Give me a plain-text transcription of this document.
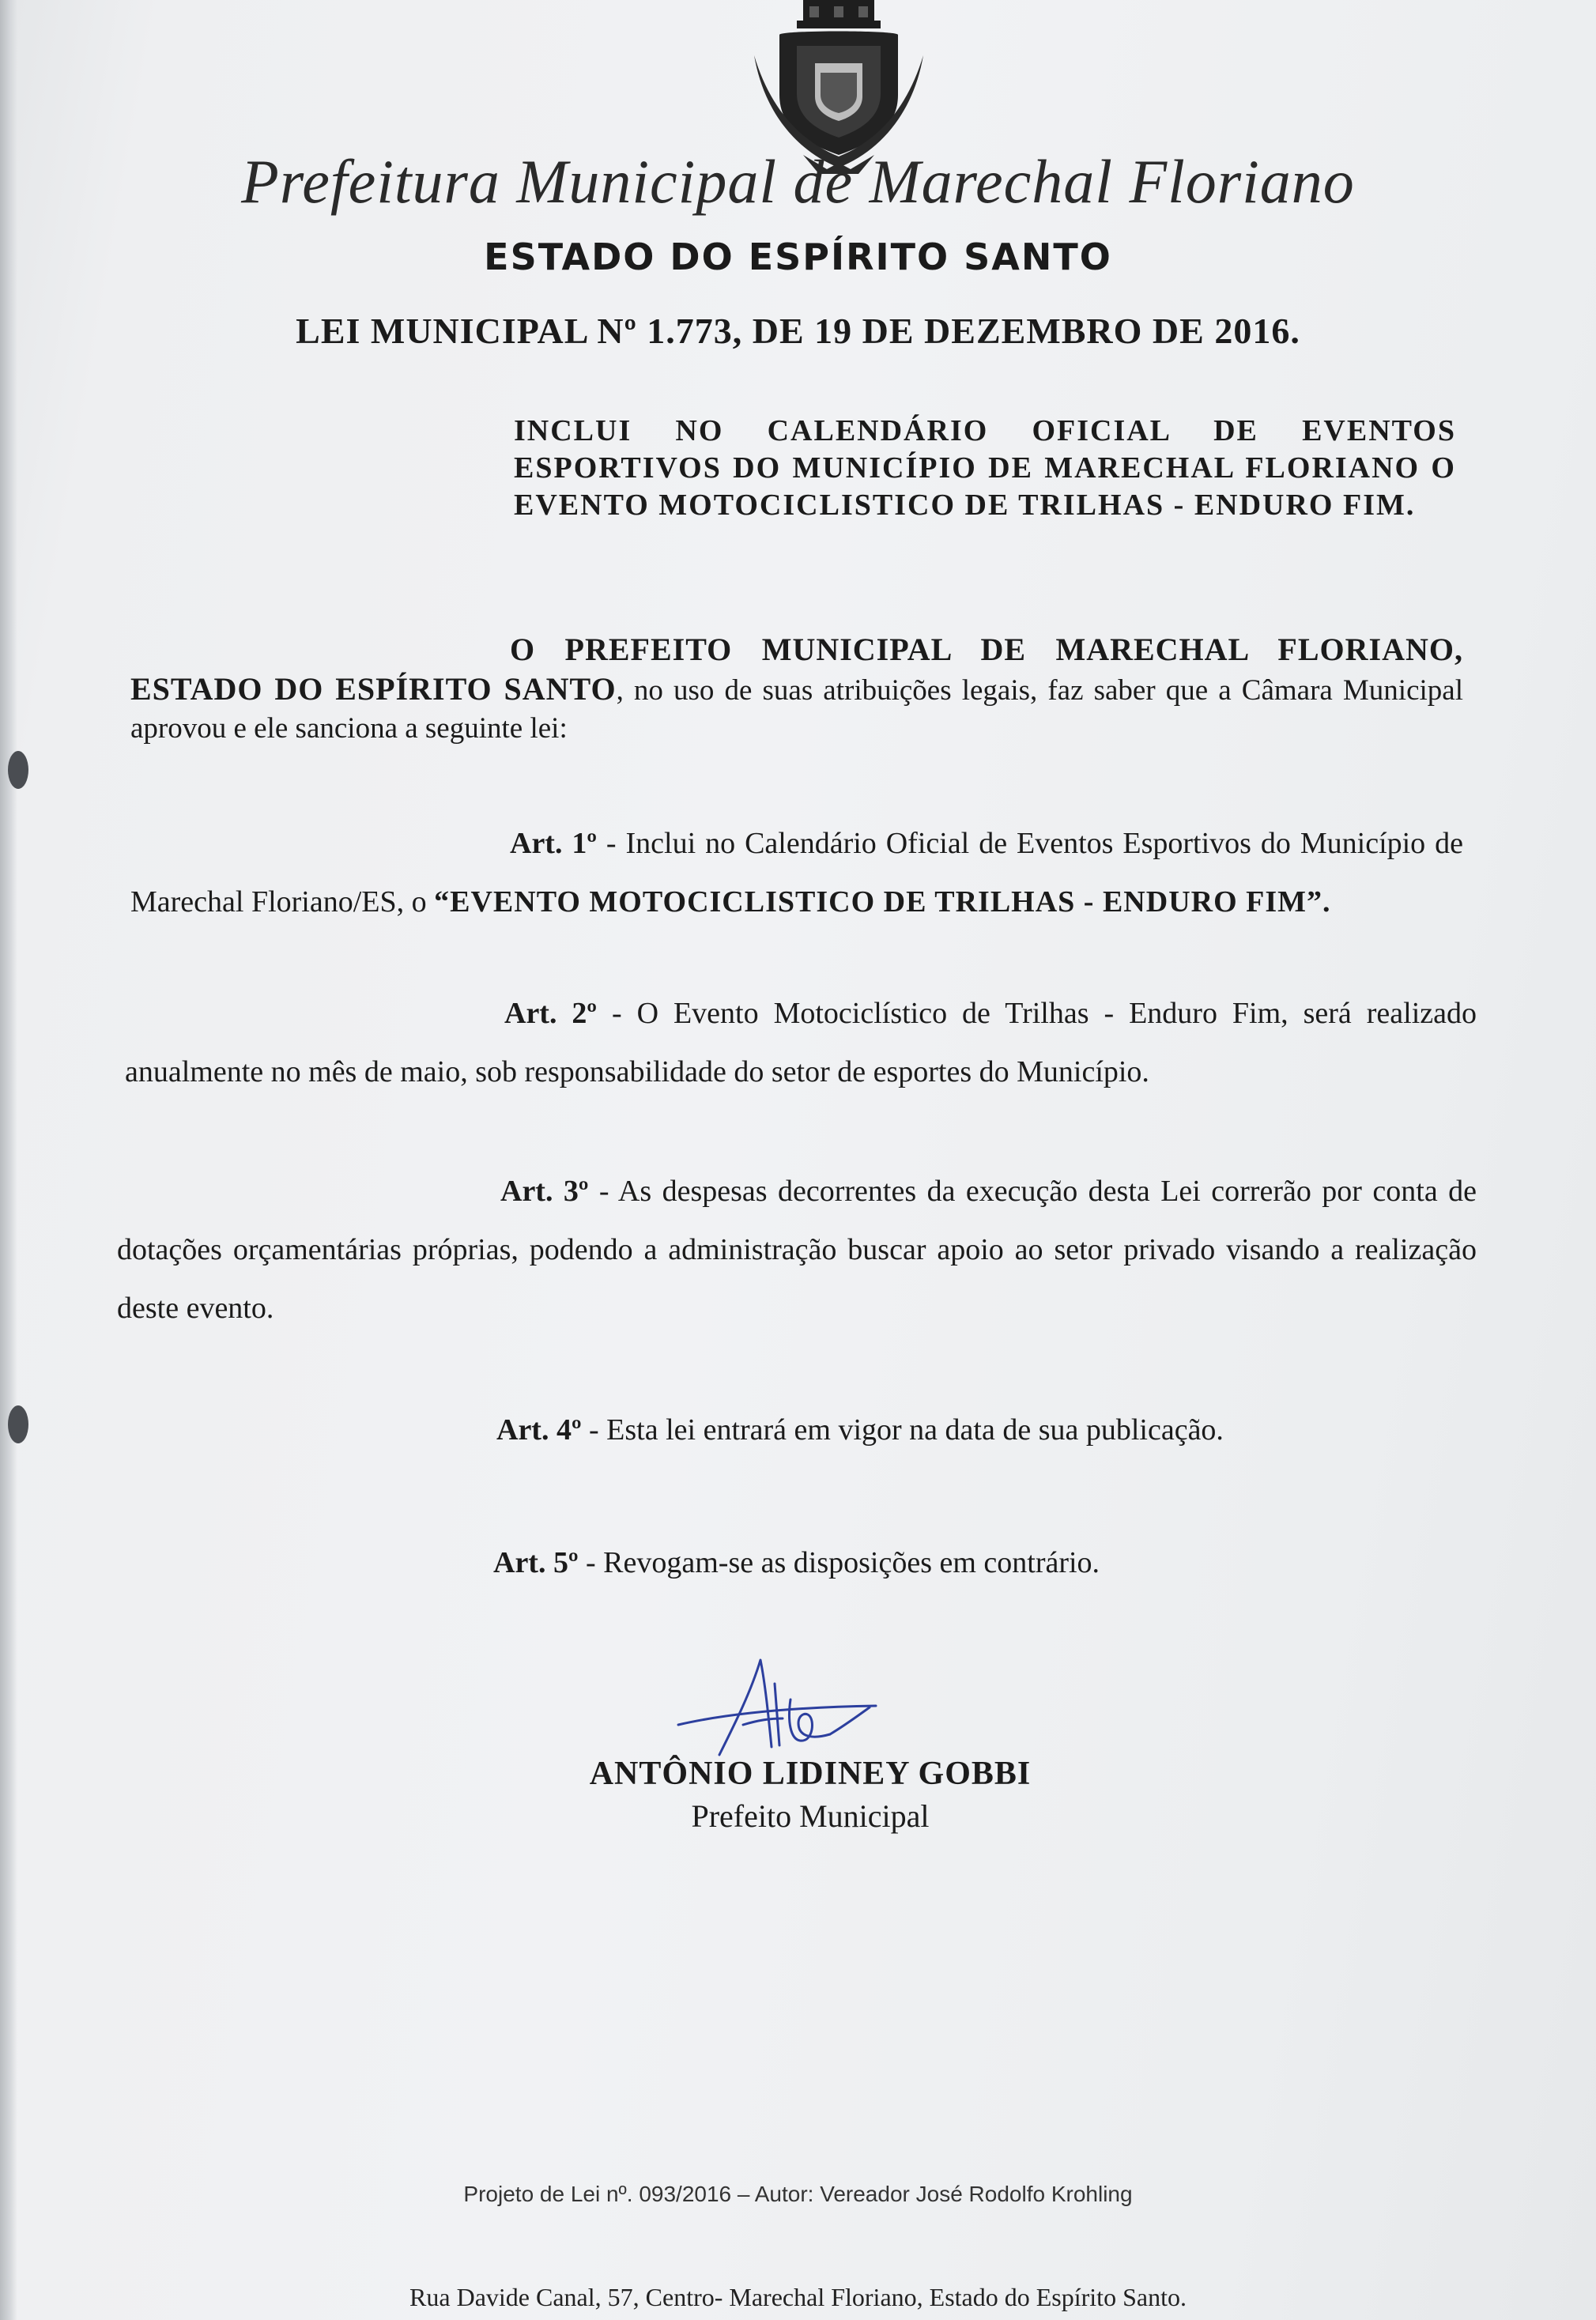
Prefeitura Municipal de Marechal Floriano
ESTADO DO ESPÍRITO SANTO
LEI MUNICIPAL Nº 1.773, DE 19 DE DEZEMBRO DE 2016.
INCLUI NO CALENDÁRIO OFICIAL DE EVENTOS ESPORTIVOS DO MUNICÍPIO DE MARECHAL FLORIANO O EVENTO MOTOCICLISTICO DE TRILHAS - ENDURO FIM.
O PREFEITO MUNICIPAL DE MARECHAL FLORIANO, ESTADO DO ESPÍRITO SANTO, no uso de suas atribuições legais, faz saber que a Câmara Municipal aprovou e ele sanciona a seguinte lei:
Art. 1º - Inclui no Calendário Oficial de Eventos Esportivos do Município de Marechal Floriano/ES, o “EVENTO MOTOCICLISTICO DE TRILHAS - ENDURO FIM”.
Art. 2º - O Evento Motociclístico de Trilhas - Enduro Fim, será realizado anualmente no mês de maio, sob responsabilidade do setor de esportes do Município.
Art. 3º - As despesas decorrentes da execução desta Lei correrão por conta de dotações orçamentárias próprias, podendo a administração buscar apoio ao setor privado visando a realização deste evento.
Art. 4º - Esta lei entrará em vigor na data de sua publicação.
Art. 5º - Revogam-se as disposições em contrário.
ANTÔNIO LIDINEY GOBBI
Prefeito Municipal
Projeto de Lei nº. 093/2016 – Autor: Vereador José Rodolfo Krohling
Rua Davide Canal, 57, Centro- Marechal Floriano, Estado do Espírito Santo.
